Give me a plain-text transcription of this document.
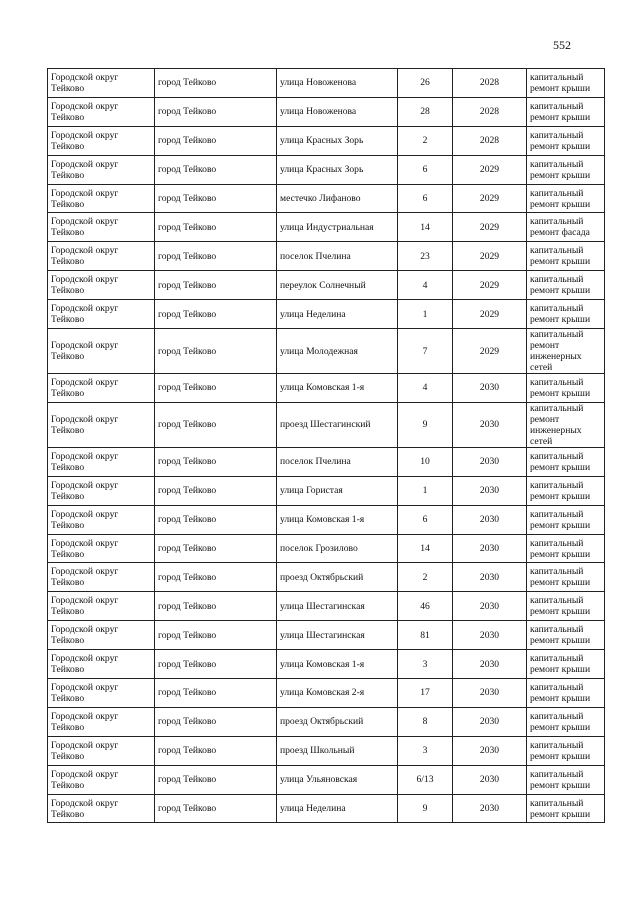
552
Городской округ Тейково	город Тейково	улица Новоженова	26	2028	капитальный ремонт крыши
Городской округ Тейково	город Тейково	улица Новоженова	28	2028	капитальный ремонт крыши
Городской округ Тейково	город Тейково	улица Красных Зорь	2	2028	капитальный ремонт крыши
Городской округ Тейково	город Тейково	улица Красных Зорь	6	2029	капитальный ремонт крыши
Городской округ Тейково	город Тейково	местечко Лифаново	6	2029	капитальный ремонт крыши
Городской округ Тейково	город Тейково	улица Индустриальная	14	2029	капитальный ремонт фасада
Городской округ Тейково	город Тейково	поселок Пчелина	23	2029	капитальный ремонт крыши
Городской округ Тейково	город Тейково	переулок Солнечный	4	2029	капитальный ремонт крыши
Городской округ Тейково	город Тейково	улица Неделина	1	2029	капитальный ремонт крыши
Городской округ Тейково	город Тейково	улица Молодежная	7	2029	капитальный ремонт инженерных сетей
Городской округ Тейково	город Тейково	улица Комовская 1-я	4	2030	капитальный ремонт крыши
Городской округ Тейково	город Тейково	проезд Шестагинский	9	2030	капитальный ремонт инженерных сетей
Городской округ Тейково	город Тейково	поселок Пчелина	10	2030	капитальный ремонт крыши
Городской округ Тейково	город Тейково	улица Гористая	1	2030	капитальный ремонт крыши
Городской округ Тейково	город Тейково	улица Комовская 1-я	6	2030	капитальный ремонт крыши
Городской округ Тейково	город Тейково	поселок Грозилово	14	2030	капитальный ремонт крыши
Городской округ Тейково	город Тейково	проезд Октябрьский	2	2030	капитальный ремонт крыши
Городской округ Тейково	город Тейково	улица Шестагинская	46	2030	капитальный ремонт крыши
Городской округ Тейково	город Тейково	улица Шестагинская	81	2030	капитальный ремонт крыши
Городской округ Тейково	город Тейково	улица Комовская 1-я	3	2030	капитальный ремонт крыши
Городской округ Тейково	город Тейково	улица Комовская 2-я	17	2030	капитальный ремонт крыши
Городской округ Тейково	город Тейково	проезд Октябрьский	8	2030	капитальный ремонт крыши
Городской округ Тейково	город Тейково	проезд Школьный	3	2030	капитальный ремонт крыши
Городской округ Тейково	город Тейково	улица Ульяновская	6/13	2030	капитальный ремонт крыши
Городской округ Тейково	город Тейково	улица Неделина	9	2030	капитальный ремонт крыши
